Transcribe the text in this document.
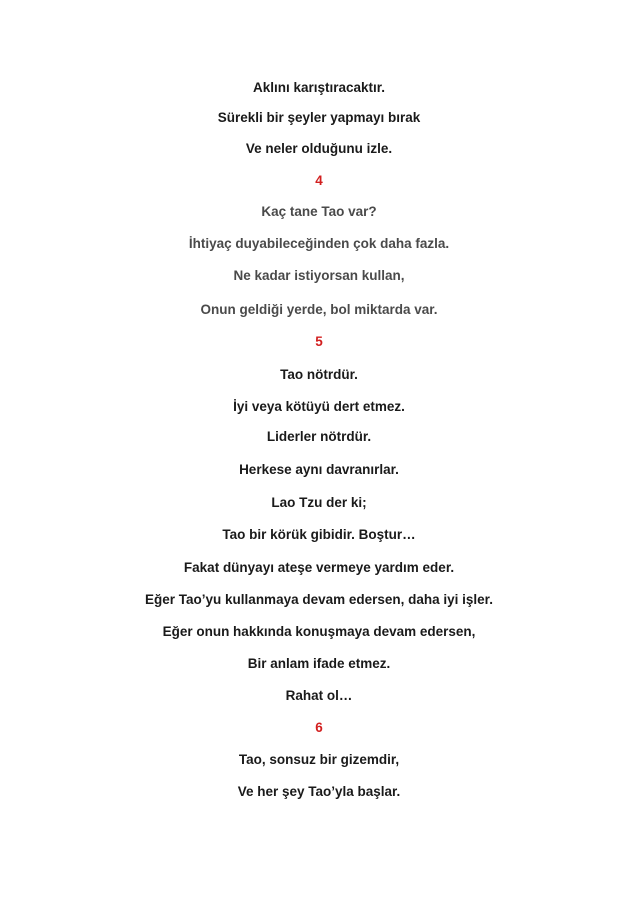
Aklını karıştıracaktır.
Sürekli bir şeyler yapmayı bırak
Ve neler olduğunu izle.
4
Kaç tane Tao var?
İhtiyaç duyabileceğinden çok daha fazla.
Ne kadar istiyorsan kullan,
Onun geldiği yerde, bol miktarda var.
5
Tao nötrdür.
İyi veya kötüyü dert etmez.
Liderler nötrdür.
Herkese aynı davranırlar.
Lao Tzu der ki;
Tao bir körük gibidir. Boştur…
Fakat dünyayı ateşe vermeye yardım eder.
Eğer Tao’yu kullanmaya devam edersen, daha iyi işler.
Eğer onun hakkında konuşmaya devam edersen,
Bir anlam ifade etmez.
Rahat ol…
6
Tao, sonsuz bir gizemdir,
Ve her şey Tao’yla başlar.
